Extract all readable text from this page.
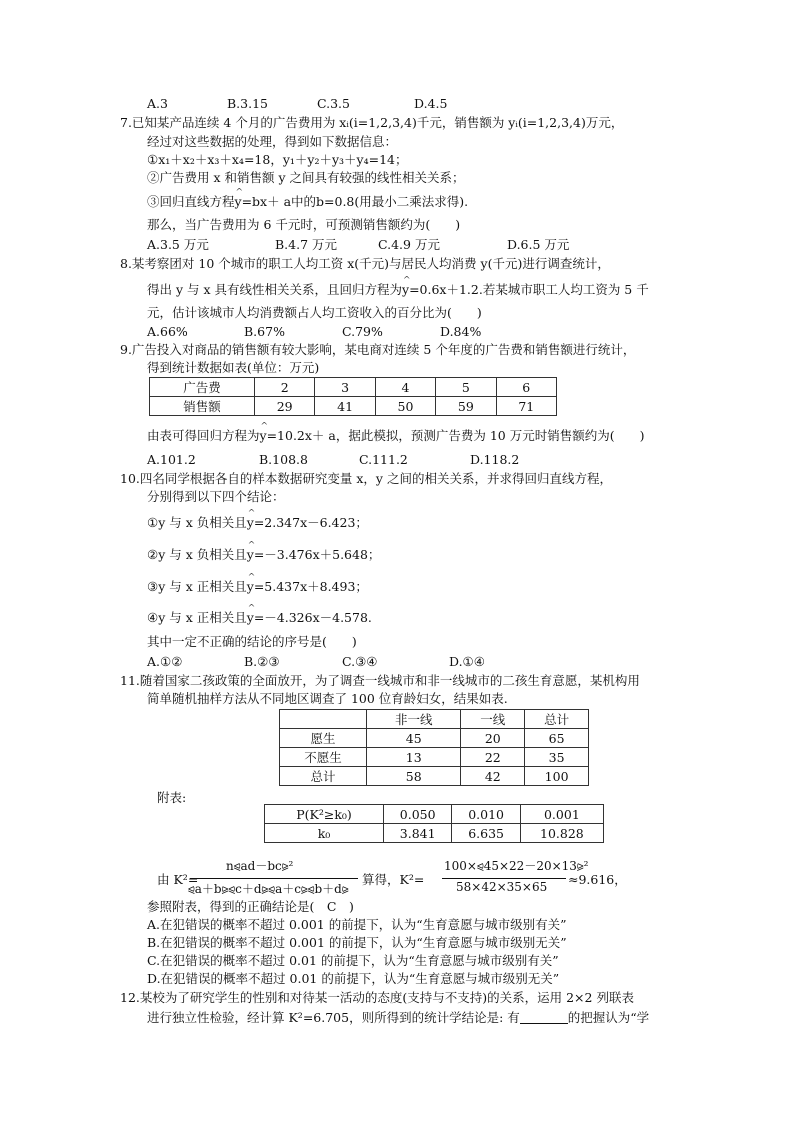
A.3	B.3.15	C.3.5	D.4.5
7.已知某产品连续 4 个月的广告费用为 xᵢ(i=1,2,3,4)千元，销售额为 yᵢ(i=1,2,3,4)万元，
经过对这些数据的处理，得到如下数据信息：
①x₁＋x₂＋x₃＋x₄=18，y₁＋y₂＋y₃＋y₄=14；
②广告费用 x 和销售额 y 之间具有较强的线性相关关系；
③回归直线方程^ y=bx＋ a中的b=0.8(用最小二乘法求得).
那么，当广告费用为 6 千元时，可预测销售额约为(　　)
A.3.5 万元	B.4.7 万元	C.4.9 万元	D.6.5 万元
8.某考察团对 10 个城市的职工人均工资 x(千元)与居民人均消费 y(千元)进行调查统计，
得出 y 与 x 具有线性相关关系，且回归方程为^ y=0.6x＋1.2.若某城市职工人均工资为 5 千
元，估计该城市人均消费额占人均工资收入的百分比为(　　)
A.66%	B.67%	C.79%	D.84%
9.广告投入对商品的销售额有较大影响，某电商对连续 5 个年度的广告费和销售额进行统计，
得到统计数据如表(单位：万元)
广告费	2	3	4	5	6
销售额	29	41	50	59	71
由表可得回归方程为^ y=10.2x＋ a，据此模拟，预测广告费为 10 万元时销售额约为(　　)
A.101.2	B.108.8	C.111.2	D.118.2
10.四名同学根据各自的样本数据研究变量 x，y 之间的相关关系，并求得回归直线方程，
分别得到以下四个结论：
①y 与 x 负相关且^ y=2.347x－6.423；
②y 与 x 负相关且^ y=－3.476x＋5.648；
③y 与 x 正相关且^ y=5.437x＋8.493；
④y 与 x 正相关且^ y=－4.326x－4.578.
其中一定不正确的结论的序号是(　　)
A.①②	B.②③	C.③④	D.①④
11.随着国家二孩政策的全面放开，为了调查一线城市和非一线城市的二孩生育意愿，某机构用
简单随机抽样方法从不同地区调查了 100 位育龄妇女，结果如表.
	非一线	一线	总计
愿生	45	20	65
不愿生	13	22	35
总计	58	42	100
附表:
P(K²≥k₀)	0.050	0.010	0.001
k₀	3.841	6.635	10.828
由 K²=
n⪨ad－bc⪩²
⪨a＋b⪩⪨c＋d⪩⪨a＋c⪩⪨b＋d⪩
算得，K²=
100×⪨45×22－20×13⪩²
58×42×35×65 ≈9.616，
参照附表，得到的正确结论是(　C　)
A.在犯错误的概率不超过 0.001 的前提下，认为“生育意愿与城市级别有关”
B.在犯错误的概率不超过 0.001 的前提下，认为“生育意愿与城市级别无关”
C.在犯错误的概率不超过 0.01 的前提下，认为“生育意愿与城市级别有关”
D.在犯错误的概率不超过 0.01 的前提下，认为“生育意愿与城市级别无关”
12.某校为了研究学生的性别和对待某一活动的态度(支持与不支持)的关系，运用 2×2 列联表
进行独立性检验，经计算 K²=6.705，则所得到的统计学结论是: 有	的把握认为“学
